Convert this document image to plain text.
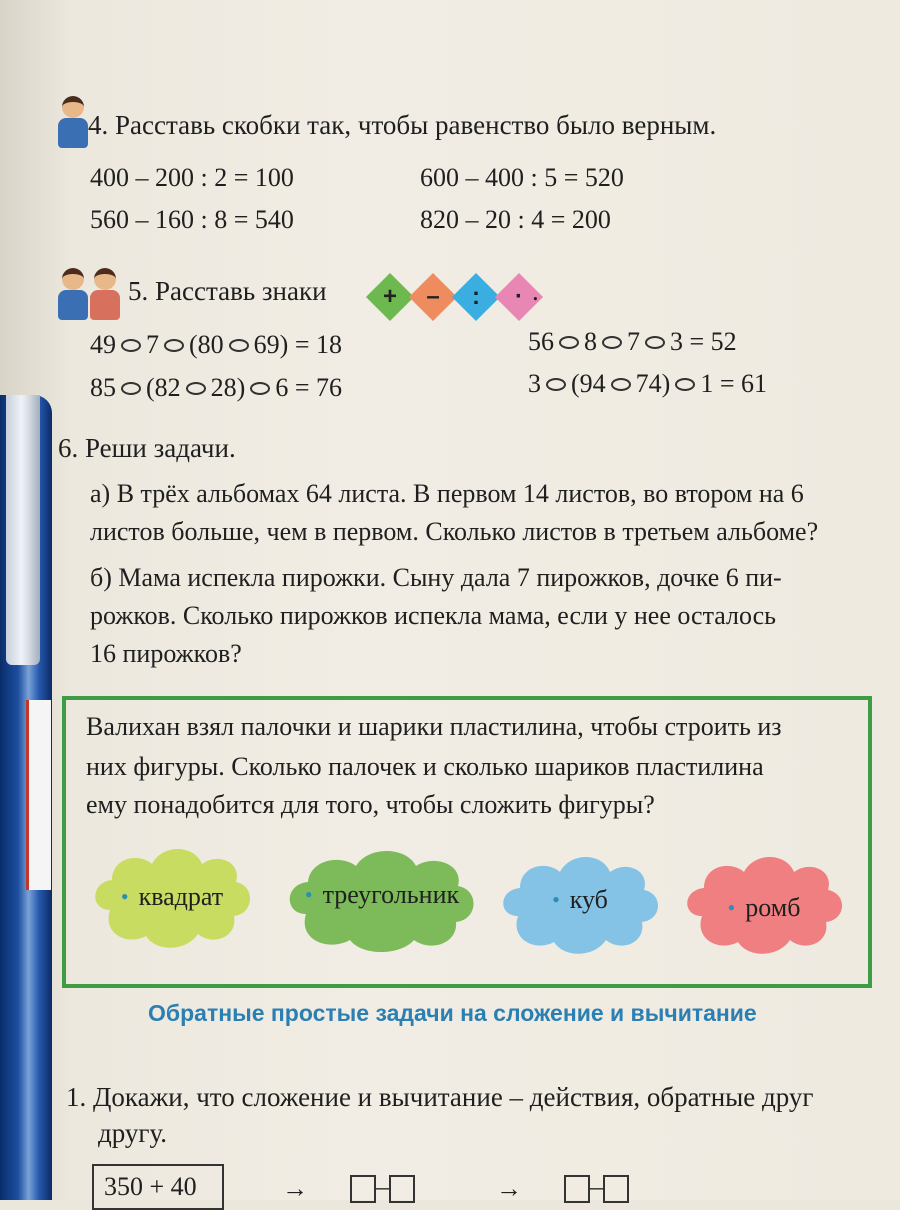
4. Расставь скобки так, чтобы равенство было верным.
400 – 200 : 2 = 100	600 – 400 : 5 = 520
560 – 160 : 8 = 540	820 – 20 : 4 = 200
5. Расставь знаки	+	–	:	· .
49 7 (80 69) = 18	56 8 7 3 = 52
85 (82 28) 6 = 76	3 (94 74) 1 = 61
6. Реши задачи.
а) В трёх альбомах 64 листа. В первом 14 листов, во втором на 6
листов больше, чем в первом. Сколько листов в третьем альбоме?
б) Мама испекла пирожки. Сыну дала 7 пирожков, дочке 6 пи-
рожков. Сколько пирожков испекла мама, если у нее осталось
16 пирожков?
Валихан взял палочки и шарики пластилина, чтобы строить из
них фигуры. Сколько палочек и сколько шариков пластилина
ему понадобится для того, чтобы сложить фигуры?
• квадрат	• треугольник	• куб	• ромб
Обратные простые задачи на сложение и вычитание
1. Докажи, что сложение и вычитание – действия, обратные друг
другу.
350 + 40	→	–	→	–
